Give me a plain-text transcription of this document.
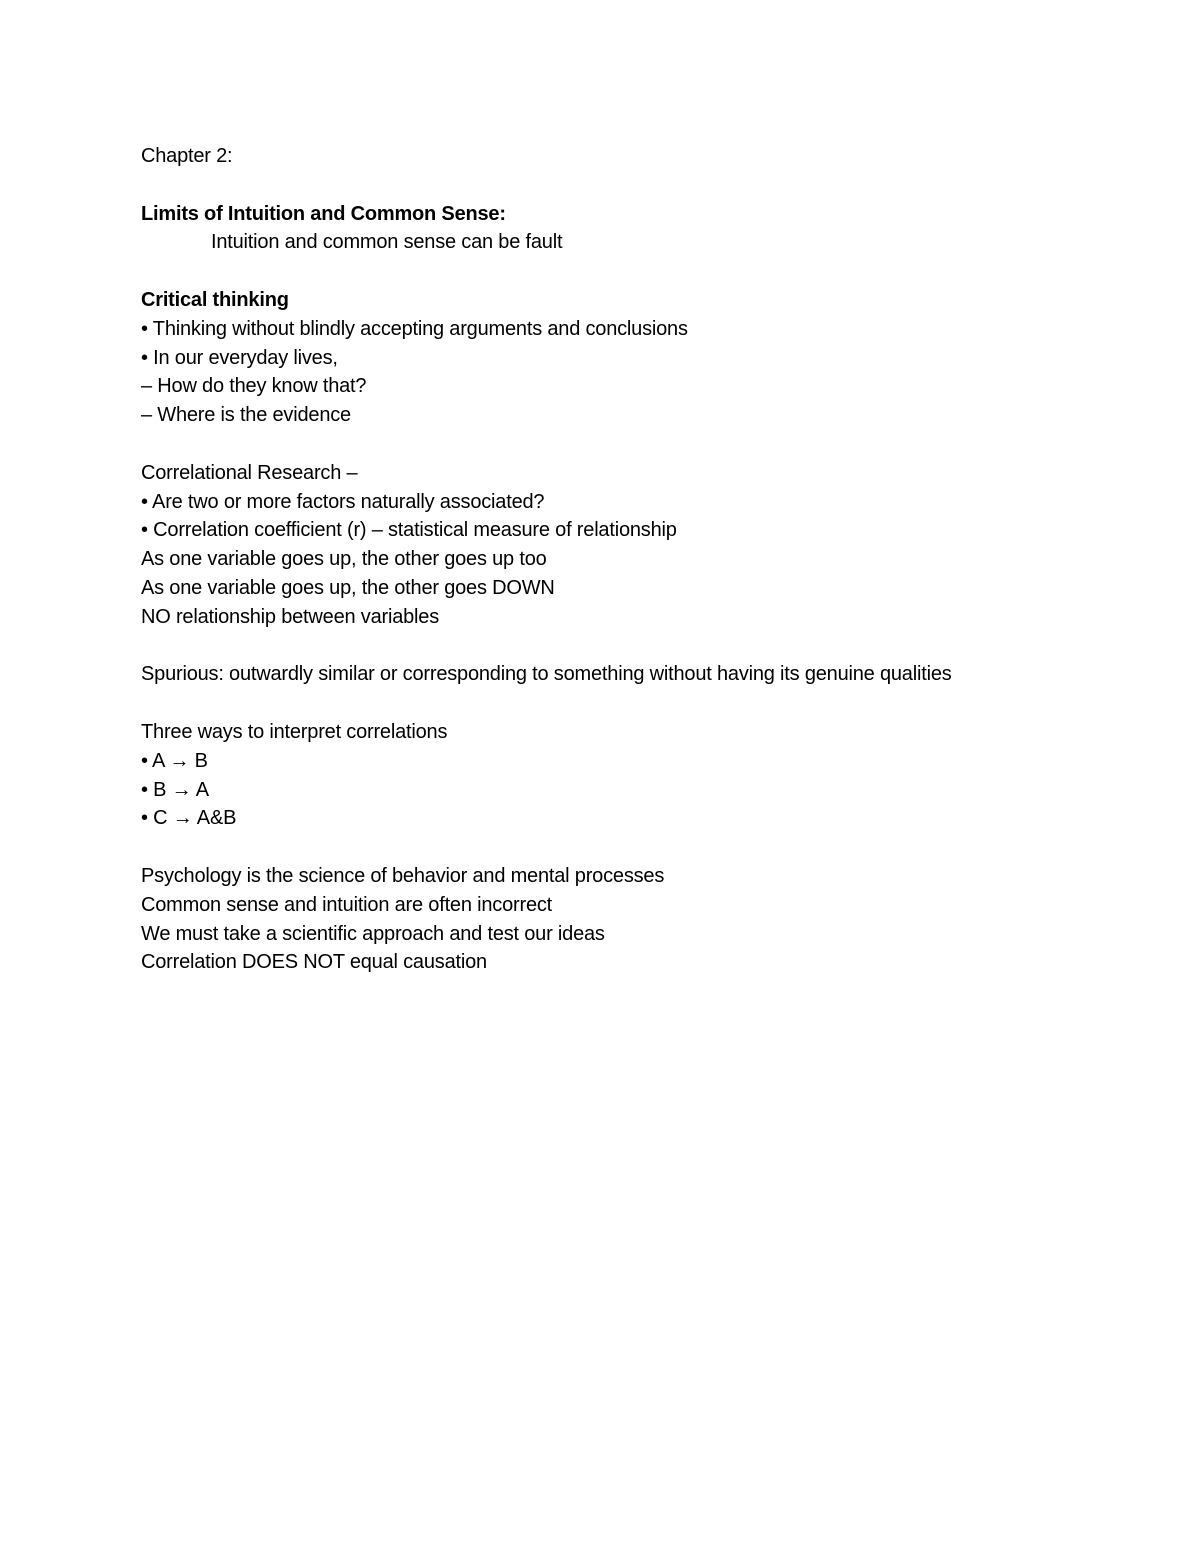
Chapter 2:
Limits of Intuition and Common Sense:
Intuition and common sense can be fault
Critical thinking
• Thinking without blindly accepting arguments and conclusions
• In our everyday lives,
– How do they know that?
– Where is the evidence
Correlational Research –
• Are two or more factors naturally associated?
• Correlation coefficient (r) – statistical measure of relationship
As one variable goes up, the other goes up too
As one variable goes up, the other goes DOWN
NO relationship between variables
Spurious: outwardly similar or corresponding to something without having its genuine qualities
Three ways to interpret correlations
• A → B
• B → A
• C → A&B
Psychology is the science of behavior and mental processes
Common sense and intuition are often incorrect
We must take a scientific approach and test our ideas
Correlation DOES NOT equal causation
